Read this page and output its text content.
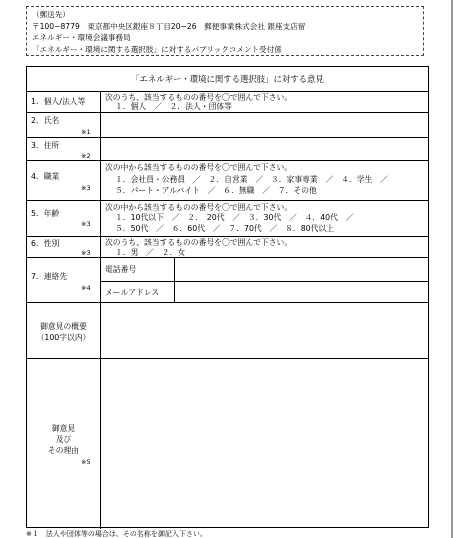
（郵送先）
〒100−8779　東京都中央区銀座８丁目20−26　郵便事業株式会社 銀座支店留
エネルギー・環境会議事務局
「エネルギー・環境に関する選択肢」に対するパブリックコメント受付係
「エネルギー・環境に関する選択肢」に対する意見
1．個人/法人等	次のうち、該当するものの番号を〇で囲んで下さい。
１．個人　／　２．法人・団体等
2．氏名
※1
3．住所
※2
4．職業
※3
次の中から該当するものの番号を〇で囲んで下さい。
１．会社員・公務員　／　２．自営業　／　３．家事専業　／　４．学生　／
５．パート・アルバイト　／　６．無職　／　７．その他
5．年齢
※3
次の中から該当するものの番号を〇で囲んで下さい。
１．10代以下　／　２．　20代　／　３．30代　／　４．40代　／
５．50代　／　６．60代　／　７．70代　／　８．80代以上
6．性別
※3
次のうち、該当するものの番号を〇で囲んで下さい。
１．男　／　２．女
7．連絡先
※4
電話番号
メールアドレス
御意見の概要
（100字以内）
御意見
及び
その理由
※5
※１　法人や団体等の場合は、その名称を御記入下さい。
